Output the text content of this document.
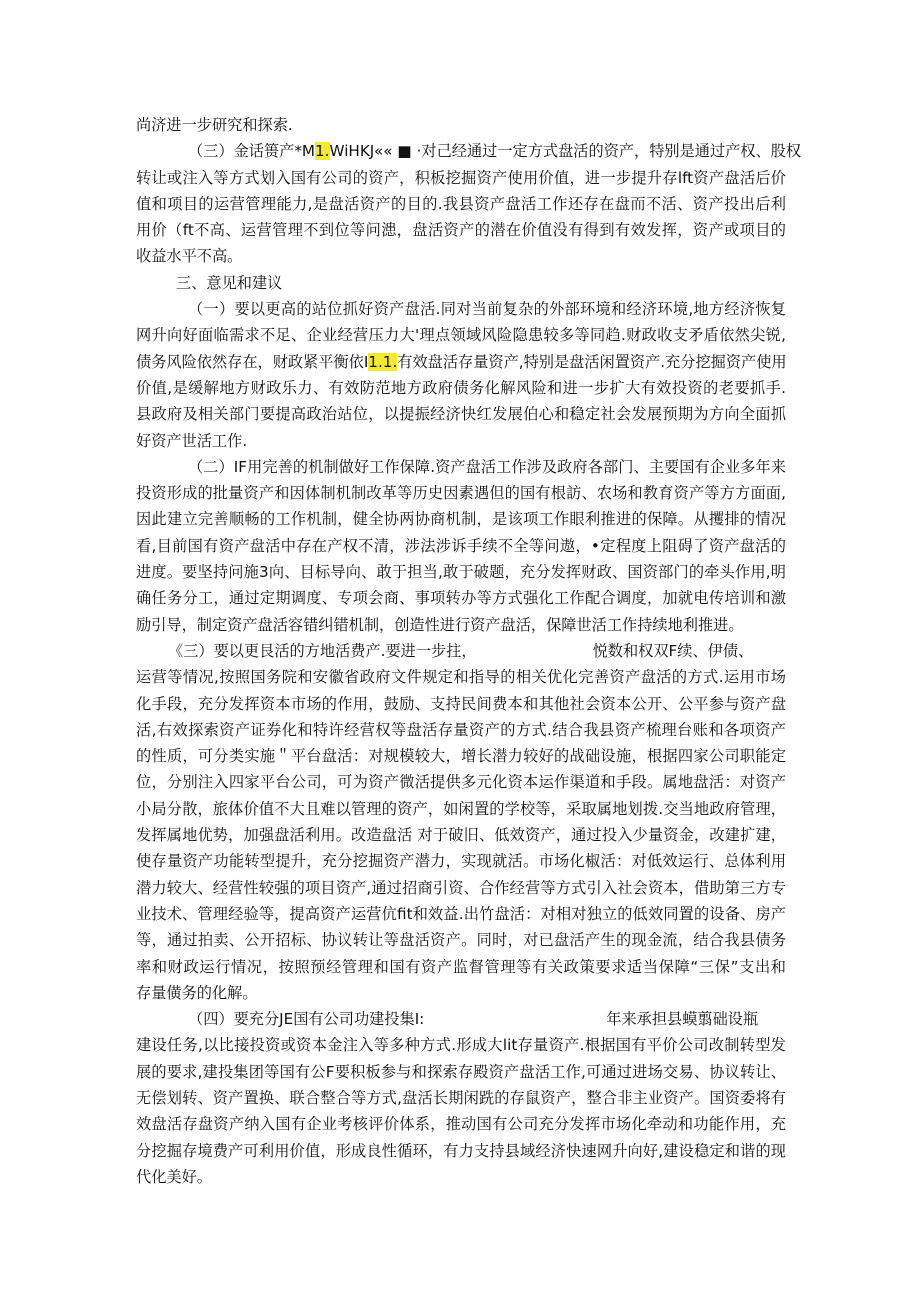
尚济进一步研究和探索.
（三）金话篑产*M1.WiHKJ«« ■ ·对己经通过一定方式盘活的资产，特别是通过产权、股权
转让或注入等方式划入国有公司的资产，积板挖掘资产使用价值，进一步提升存lft资产盘活后价
值和项目的运营管理能力,是盘活资产的目的.我县资产盘活工作还存在盘而不活、资产投出后利
用价（ft不高、运营管理不到位等问漶，盘活资产的潜在价值没有得到有效发挥，资产或项目的
收益水平不高。
三、意见和建议
（一）要以更高的站位抓好资产盘活.同对当前复杂的外部环境和经济环境,地方经济恢复
网升向好面临需求不足、企业经营压力大'理点领域风险隐患较多等同趋.财政收支矛盾依然尖锐,
债务风险依然存在，财政紧平衡依I1.1.有效盘活存量资产,特别是盘活闲置资产.充分挖掘资产使用
价值,是缓解地方财政乐力、有效防范地方政府债务化解风险和进一步扩大有效投资的老要抓手.
县政府及相关部门要提高政治站位，以提振经济快红发展伯心和稳定社会发展预期为方向全面抓
好资产世活工作.
（二）IF用完善的机制做好工作保障.资产盘活工作涉及政府各部门、主要国有企业多年来
投资形成的批量资产和因体制机制改革等历史因素遇但的国有根訪、农场和教育资产等方方面面,
因此建立完善顺畅的工作机制，健全协两协商机制，是该项工作眼利推进的保障。从攫排的情况
看,目前国有资产盘活中存在产权不清，涉法涉诉手续不全等问遨，•定程度上阻碍了资产盘活的
进度。要坚持问施3向、目标导向、敢于担当,敢于破题，充分发挥财政、国资部门的牵头作用,明
确任务分工，通过定期调度、专项会商、事项转办等方式强化工作配合调度，加就电传培训和激
励引导，制定资产盘活容错纠错机制，创造性进行资产盘活，保障世活工作持续地利推进。
《三）要以更艮活的方地活费产.要进一步拄，	悦数和权双F续、伊债、
运营等情况,按照国务院和安徽省政府文件规定和指导的相关优化完善资产盘活的方式.运用市场
化手段，充分发挥资本市场的作用，鼓励、支持民间费本和其他社会资本公开、公平参与资产盘
活,右效探索资产证券化和特许经营权等盘活存量资产的方式.结合我县资产梳理台账和各项资产
的性质，可分类实施＂平台盘活：对规模较大，增长潜力较好的战础设施，根据四家公司职能定
位，分别注入四家平台公司，可为资产微活提供多元化资本运作渠道和手段。属地盘活：对资产
小局分散，旅体价值不大且难以管理的资产，如闲置的学校等，采取属地划拨.交当地政府管理，
发挥属地优势，加强盘活利用。改造盘活 对于破旧、低效资产，通过投入少量资金，改建扩建，
使存量资产功能转型提升，充分挖掘资产潜力，实现就活。市场化椒活：对低效运行、总体利用
潜力较大、经营性较强的项目资产,通过招商引资、合作经营等方式引入社会资本，借助第三方专
业技术、管理经验等，提高资产运营伉fit和效益.出竹盘活：对相对独立的低效同置的设备、房产
等，通过拍卖、公开招标、协议转让等盘活资产。同时，对已盘活产生的现金流，结合我县债务
率和财政运行情况，按照预经管理和国有资产监督管理等有关政策要求适当保障“三保”支出和
存量僙务的化解。
（四）要充分JE国有公司功建投集I:	年来承担县蟆翦础设瓶
建设任务,以比接投资或资本金注入等多种方式.形成大lit存量资产.根据国有平价公司改制转型发
展的要求,建投集团等国有公F要积板参与和探索存殿资产盘活工作,可通过进场交易、协议转让、
无偿划转、资产置换、联合整合等方式,盘活长期闲跣的存鼠资产，整合非主业资产。国资委将有
效盘活存盘资产纳入国有企业考核评价体系，推动国有公司充分发挥市场化牵动和功能作用，充
分挖掘存境费产可利用价值，形成良性循环，有力支持县域经济快速网升向好,建设稳定和谐的现
代化美好。
